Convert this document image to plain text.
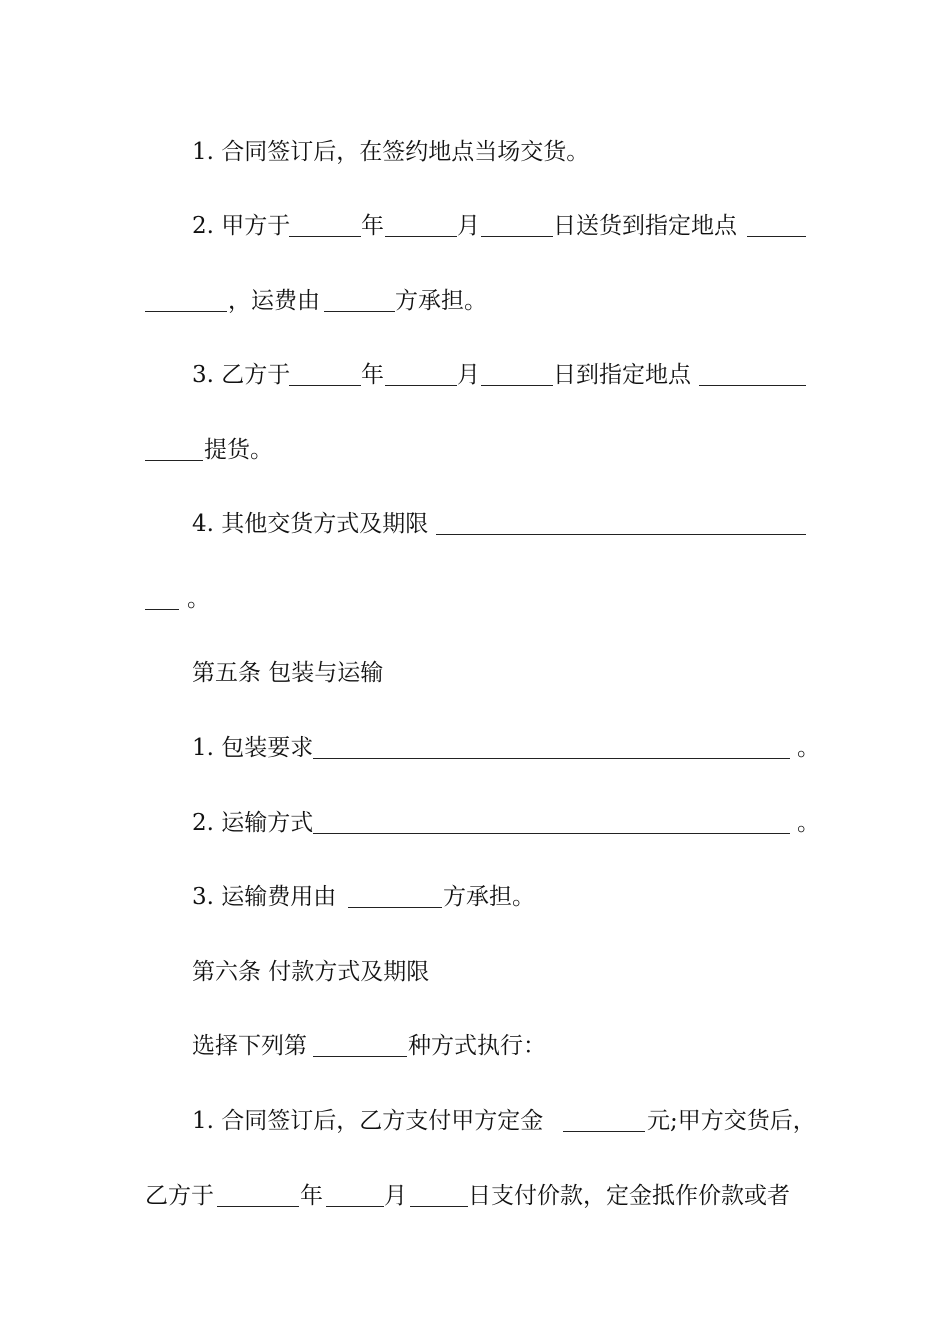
1. 合同签订后，在签约地点当场交货。
2. 甲方于	年	月	日送货到指定地点
，运费由	方承担。
3. 乙方于	年	月	日到指定地点
提货。
4. 其他交货方式及期限
。
第五条 包装与运输
1. 包装要求	。
2. 运输方式	。
3. 运输费用由	方承担。
第六条 付款方式及期限
选择下列第	种方式执行：
1. 合同签订后，乙方支付甲方定金	元;甲方交货后，
乙方于	年	月	日支付价款，定金抵作价款或者
